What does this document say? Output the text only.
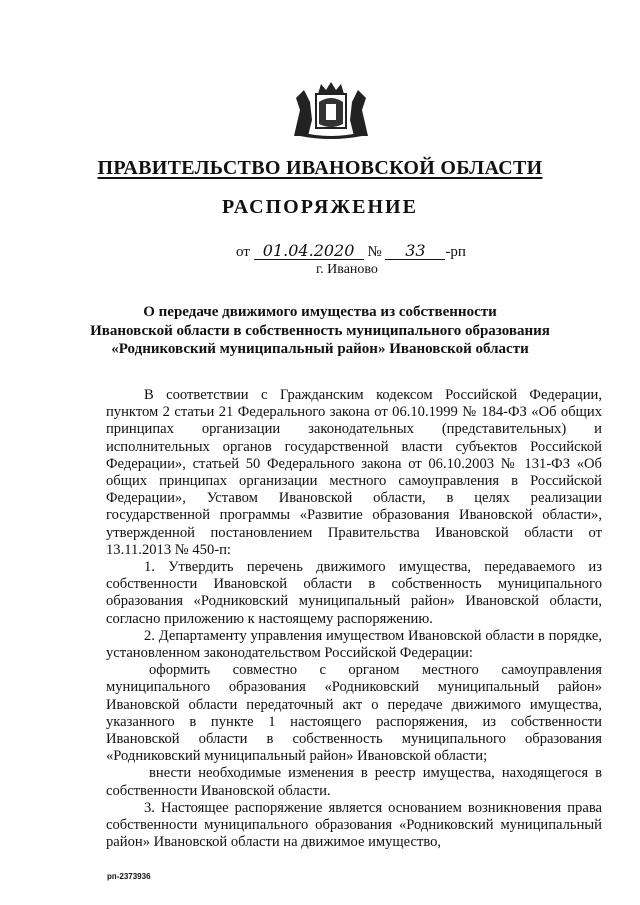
ПРАВИТЕЛЬСТВО ИВАНОВСКОЙ ОБЛАСТИ
РАСПОРЯЖЕНИЕ
от 01.04.2020 № 33 -рп
г. Иваново
О передаче движимого имущества из собственности
Ивановской области в собственность муниципального образования
«Родниковский муниципальный район» Ивановской области

В соответствии с Гражданским кодексом Российской Федерации, пунктом 2 статьи 21 Федерального закона от 06.10.1999 № 184-ФЗ «Об общих принципах организации законодательных (представительных) и исполнительных органов государственной власти субъектов Российской Федерации», статьей 50 Федерального закона от 06.10.2003 № 131-ФЗ «Об общих принципах организации местного самоуправления в Российской Федерации», Уставом Ивановской области, в целях реализации государственной программы «Развитие образования Ивановской области», утвержденной постановлением Правительства Ивановской области от 13.11.2013 № 450-п:

1. Утвердить перечень движимого имущества, передаваемого из собственности Ивановской области в собственность муниципального образования «Родниковский муниципальный район» Ивановской области, согласно приложению к настоящему распоряжению.

2. Департаменту управления имуществом Ивановской области в порядке, установленном законодательством Российской Федерации:

оформить совместно с органом местного самоуправления муниципального образования «Родниковский муниципальный район» Ивановской области передаточный акт о передаче движимого имущества, указанного в пункте 1 настоящего распоряжения, из собственности Ивановской области в собственность муниципального образования «Родниковский муниципальный район» Ивановской области;

внести необходимые изменения в реестр имущества, находящегося в собственности Ивановской области.

3. Настоящее распоряжение является основанием возникновения права собственности муниципального образования «Родниковский муниципальный район» Ивановской области на движимое имущество,

рп-2373936
